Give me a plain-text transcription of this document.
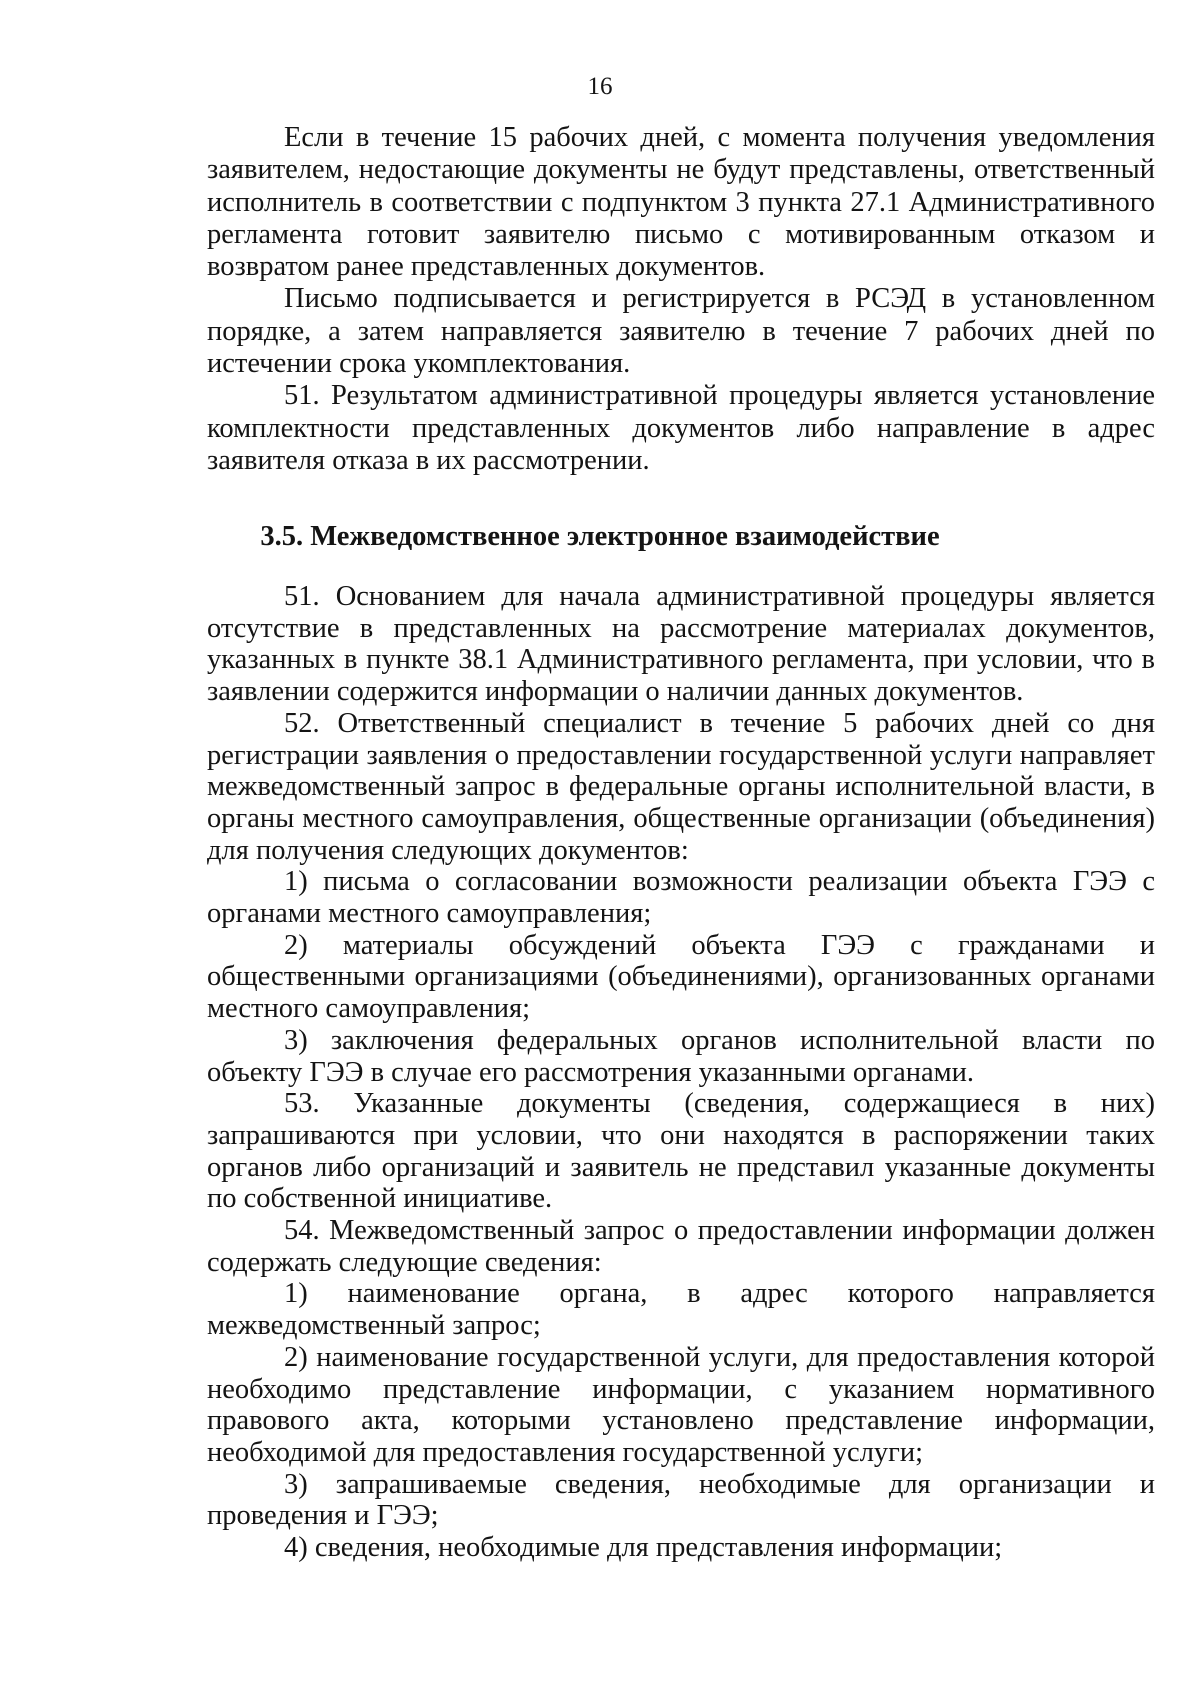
16

Если в течение 15 рабочих дней, с момента получения уведомления заявителем, недостающие документы не будут представлены, ответственный исполнитель в соответствии с подпунктом 3 пункта 27.1 Административного регламента готовит заявителю письмо с мотивированным отказом и возвратом ранее представленных документов.

Письмо подписывается и регистрируется в РСЭД в установленном порядке, а затем направляется заявителю в течение 7 рабочих дней по истечении срока укомплектования.

51. Результатом административной процедуры является установление комплектности представленных документов либо направление в адрес заявителя отказа в их рассмотрении.

3.5. Межведомственное электронное взаимодействие

51. Основанием для начала административной процедуры является отсутствие в представленных на рассмотрение материалах документов, указанных в пункте 38.1 Административного регламента, при условии, что в заявлении содержится информации о наличии данных документов.

52. Ответственный специалист в течение 5 рабочих дней со дня регистрации заявления о предоставлении государственной услуги направляет межведомственный запрос в федеральные органы исполнительной власти, в органы местного самоуправления, общественные организации (объединения) для получения следующих документов:

1) письма о согласовании возможности реализации объекта ГЭЭ с органами местного самоуправления;

2) материалы обсуждений объекта ГЭЭ с гражданами и общественными организациями (объединениями), организованных органами местного самоуправления;

3) заключения федеральных органов исполнительной власти по объекту ГЭЭ в случае его рассмотрения указанными органами.

53. Указанные документы (сведения, содержащиеся в них) запрашиваются при условии, что они находятся в распоряжении таких органов либо организаций и заявитель не представил указанные документы по собственной инициативе.

54. Межведомственный запрос о предоставлении информации должен содержать следующие сведения:

1) наименование органа, в адрес которого направляется межведомственный запрос;

2) наименование государственной услуги, для предоставления которой необходимо представление информации, с указанием нормативного правового акта, которыми установлено представление информации, необходимой для предоставления государственной услуги;

3) запрашиваемые сведения, необходимые для организации и проведения и ГЭЭ;

4) сведения, необходимые для представления информации;
